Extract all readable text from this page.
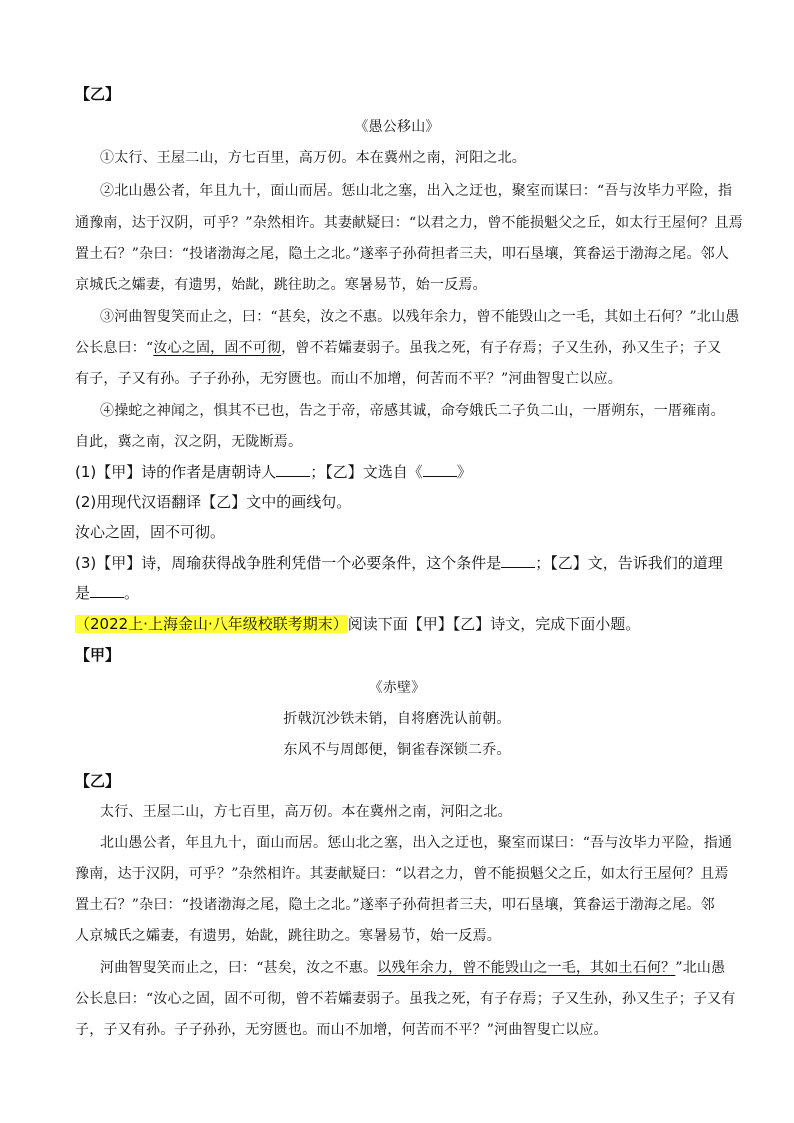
【乙】
《愚公移山》
①太行、王屋二山，方七百里，高万仞。本在冀州之南，河阳之北。
②北山愚公者，年且九十，面山而居。惩山北之塞，出入之迂也，聚室而谋曰：“吾与汝毕力平险，指
通豫南，达于汉阴，可乎？”杂然相许。其妻献疑曰：“以君之力，曾不能损魁父之丘，如太行王屋何？且焉
置土石？”杂曰：“投诸渤海之尾，隐土之北。”遂率子孙荷担者三夫，叩石垦壤，箕畚运于渤海之尾。邻人
京城氏之孀妻，有遗男，始龀，跳往助之。寒暑易节，始一反焉。
③河曲智叟笑而止之，曰：“甚矣，汝之不惠。以残年余力，曾不能毁山之一毛，其如土石何？”北山愚
公长息曰：“汝心之固，固不可彻，曾不若孀妻弱子。虽我之死，有子存焉；子又生孙，孙又生子；子又
有子，子又有孙。子子孙孙，无穷匮也。而山不加增，何苦而不平？”河曲智叟亡以应。
④操蛇之神闻之，惧其不已也，告之于帝，帝感其诚，命夸娥氏二子负二山，一厝朔东，一厝雍南。
自此，冀之南，汉之阴，无陇断焉。
(1)【甲】诗的作者是唐朝诗人 ；【乙】文选自《 》
(2)用现代汉语翻译【乙】文中的画线句。
汝心之固，固不可彻。
(3)【甲】诗，周瑜获得战争胜利凭借一个必要条件，这个条件是 ；【乙】文，告诉我们的道理
是 。
（2022上·上海金山·八年级校联考期末）阅读下面【甲】【乙】诗文，完成下面小题。
【甲】
《赤壁》
折戟沉沙铁未销，自将磨洗认前朝。
东风不与周郎便，铜雀春深锁二乔。
【乙】
太行、王屋二山，方七百里，高万仞。本在冀州之南，河阳之北。
北山愚公者，年且九十，面山而居。惩山北之塞，出入之迂也，聚室而谋曰：“吾与汝毕力平险，指通
豫南，达于汉阴，可乎？”杂然相许。其妻献疑曰：“以君之力，曾不能损魁父之丘，如太行王屋何？且焉
置土石？”杂曰：“投诸渤海之尾，隐土之北。”遂率子孙荷担者三夫，叩石垦壤，箕畚运于渤海之尾。邻
人京城氏之孀妻，有遗男，始龀，跳往助之。寒暑易节，始一反焉。
河曲智叟笑而止之，曰：“甚矣，汝之不惠。以残年余力，曾不能毁山之一毛，其如土石何？”北山愚
公长息曰：“汝心之固，固不可彻，曾不若孀妻弱子。虽我之死，有子存焉；子又生孙，孙又生子；子又有
子，子又有孙。子子孙孙，无穷匮也。而山不加增，何苦而不平？”河曲智叟亡以应。
